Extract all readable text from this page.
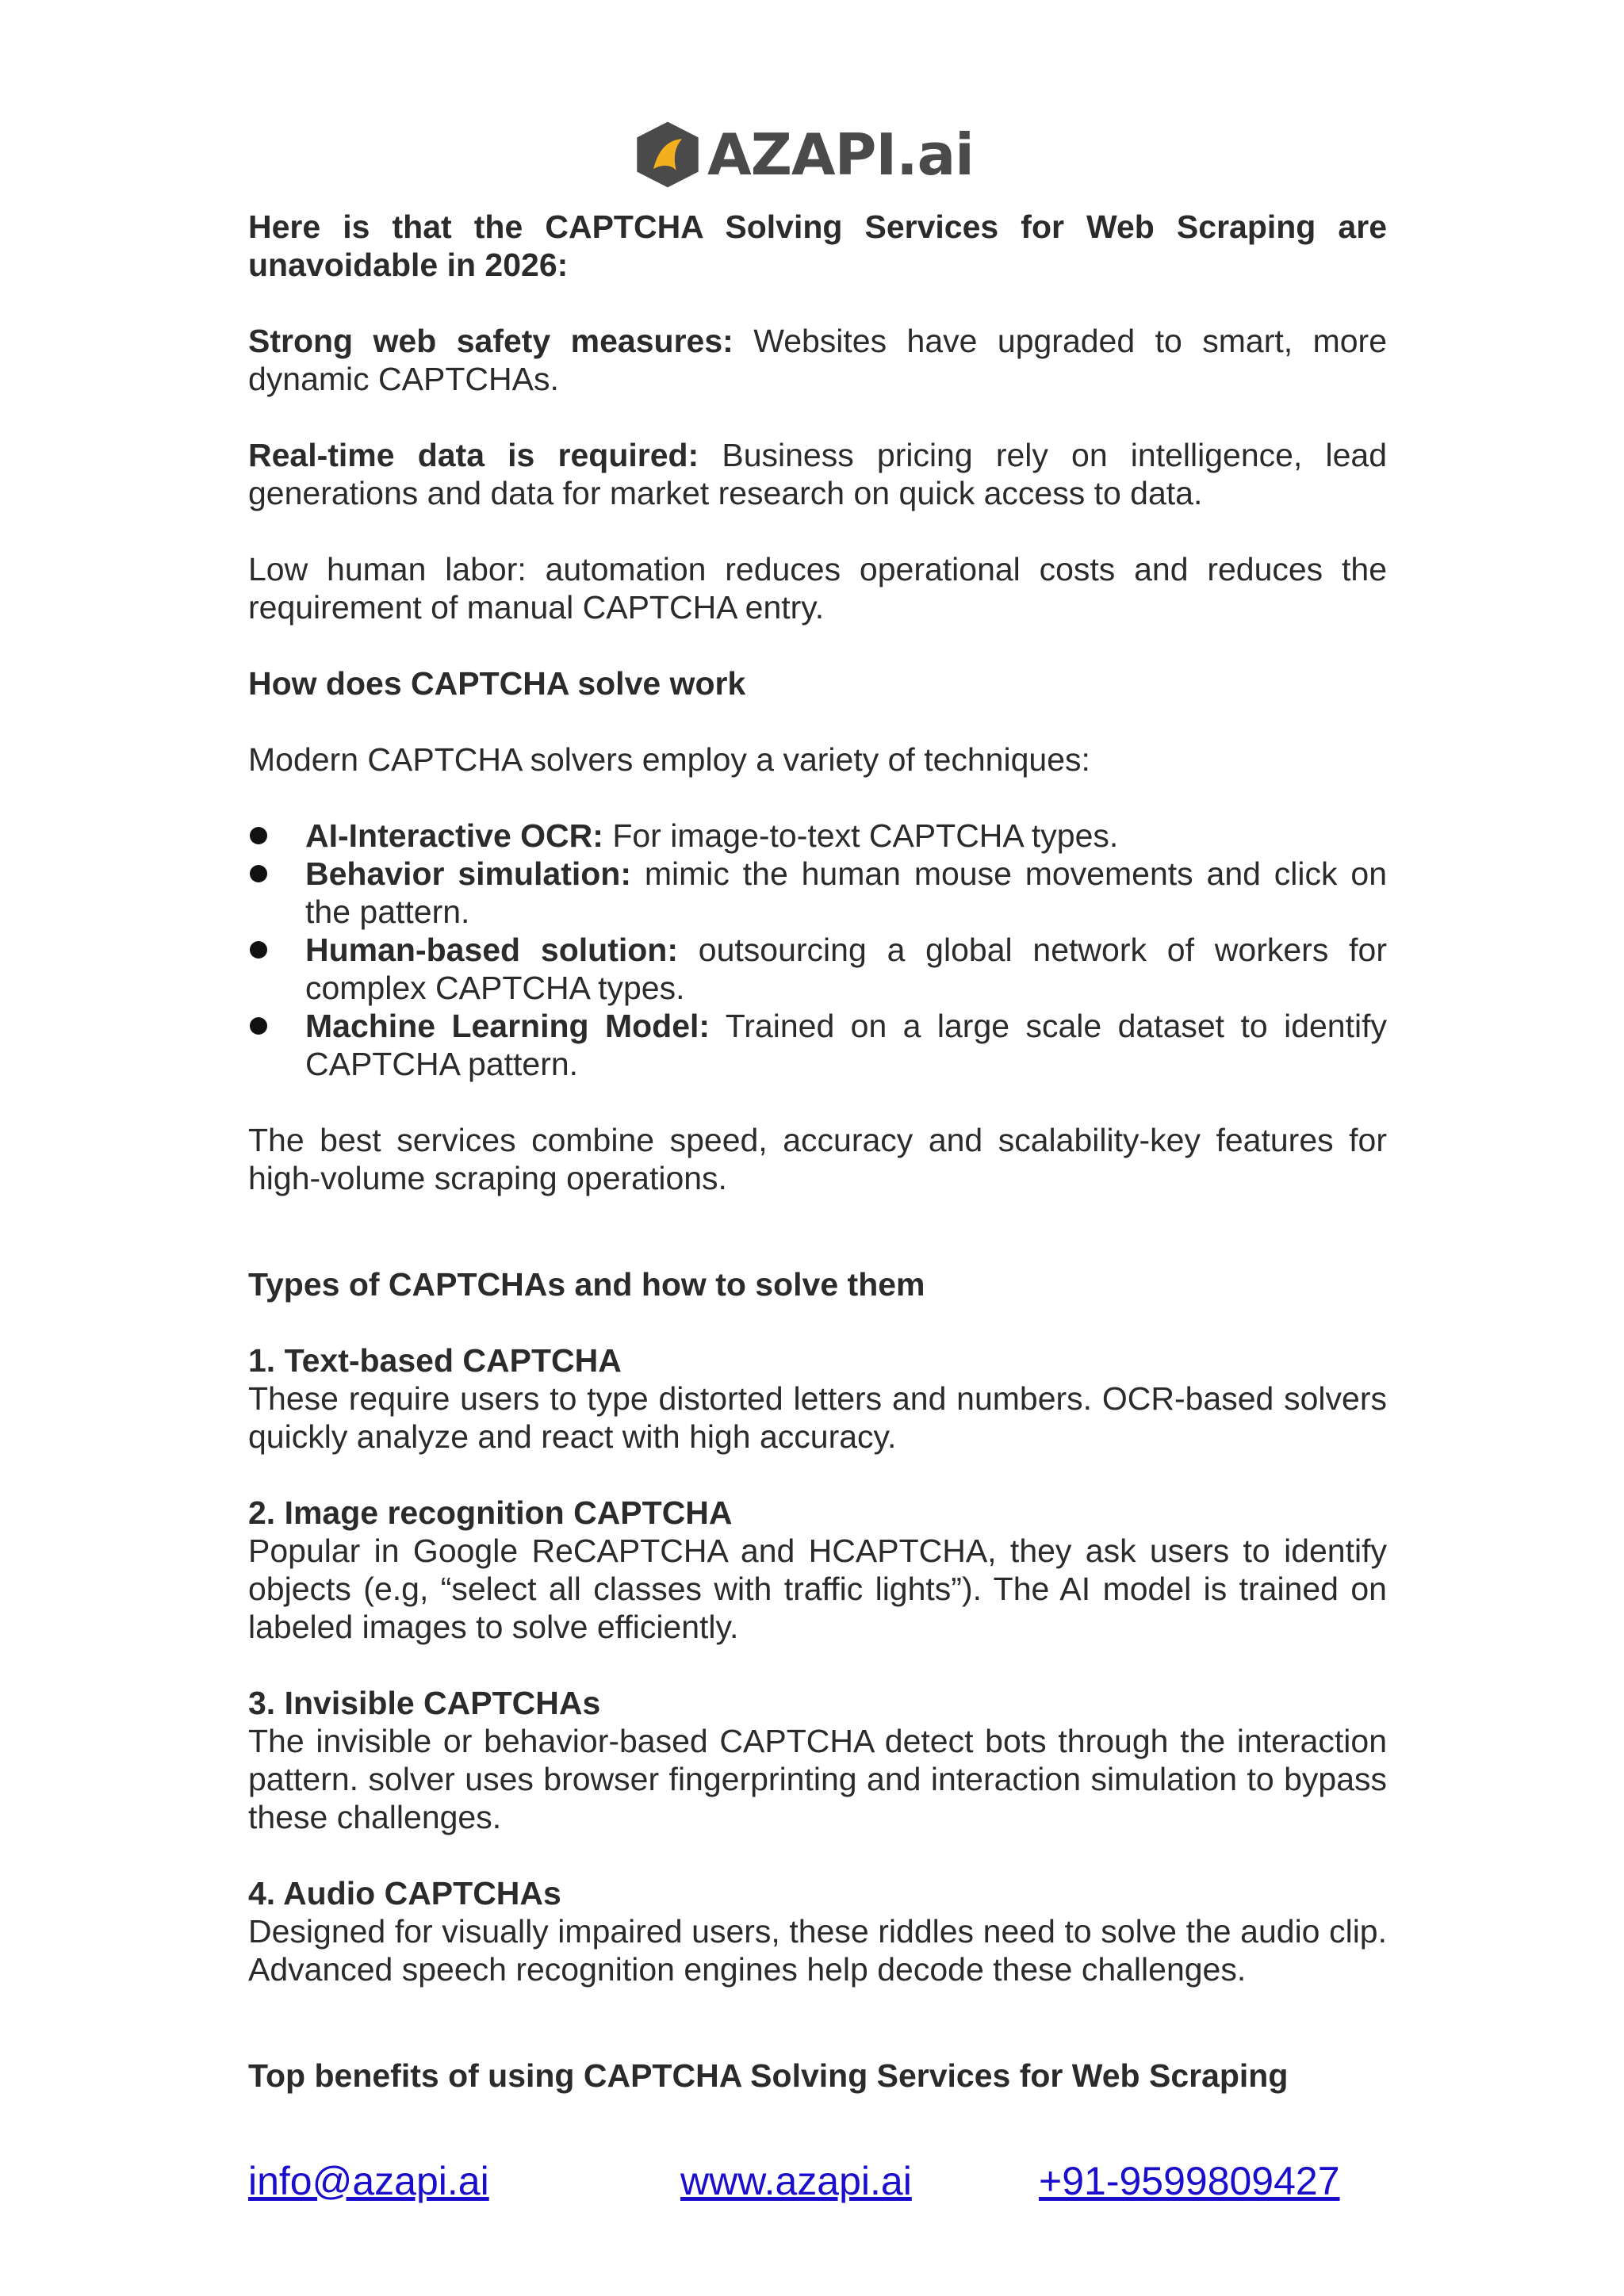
AZAPI.ai

Here is that the CAPTCHA Solving Services for Web Scraping are unavoidable in 2026:

Strong web safety measures: Websites have upgraded to smart, more dynamic CAPTCHAs.

Real-time data is required: Business pricing rely on intelligence, lead generations and data for market research on quick access to data.

Low human labor: automation reduces operational costs and reduces the requirement of manual CAPTCHA entry.

How does CAPTCHA solve work

Modern CAPTCHA solvers employ a variety of techniques:

AI-Interactive OCR: For image-to-text CAPTCHA types.
Behavior simulation: mimic the human mouse movements and click on the pattern.
Human-based solution: outsourcing a global network of workers for complex CAPTCHA types.
Machine Learning Model: Trained on a large scale dataset to identify CAPTCHA pattern.

The best services combine speed, accuracy and scalability-key features for high-volume scraping operations.

Types of CAPTCHAs and how to solve them

1. Text-based CAPTCHA

These require users to type distorted letters and numbers. OCR-based solvers quickly analyze and react with high accuracy.

2. Image recognition CAPTCHA

Popular in Google ReCAPTCHA and HCAPTCHA, they ask users to identify objects (e.g, “select all classes with traffic lights”). The AI model is trained on labeled images to solve efficiently.

3. Invisible CAPTCHAs

The invisible or behavior-based CAPTCHA detect bots through the interaction pattern. solver uses browser fingerprinting and interaction simulation to bypass these challenges.

4. Audio CAPTCHAs

Designed for visually impaired users, these riddles need to solve the audio clip. Advanced speech recognition engines help decode these challenges.

Top benefits of using CAPTCHA Solving Services for Web Scraping

info@azapi.ai	www.azapi.ai	+91-9599809427
